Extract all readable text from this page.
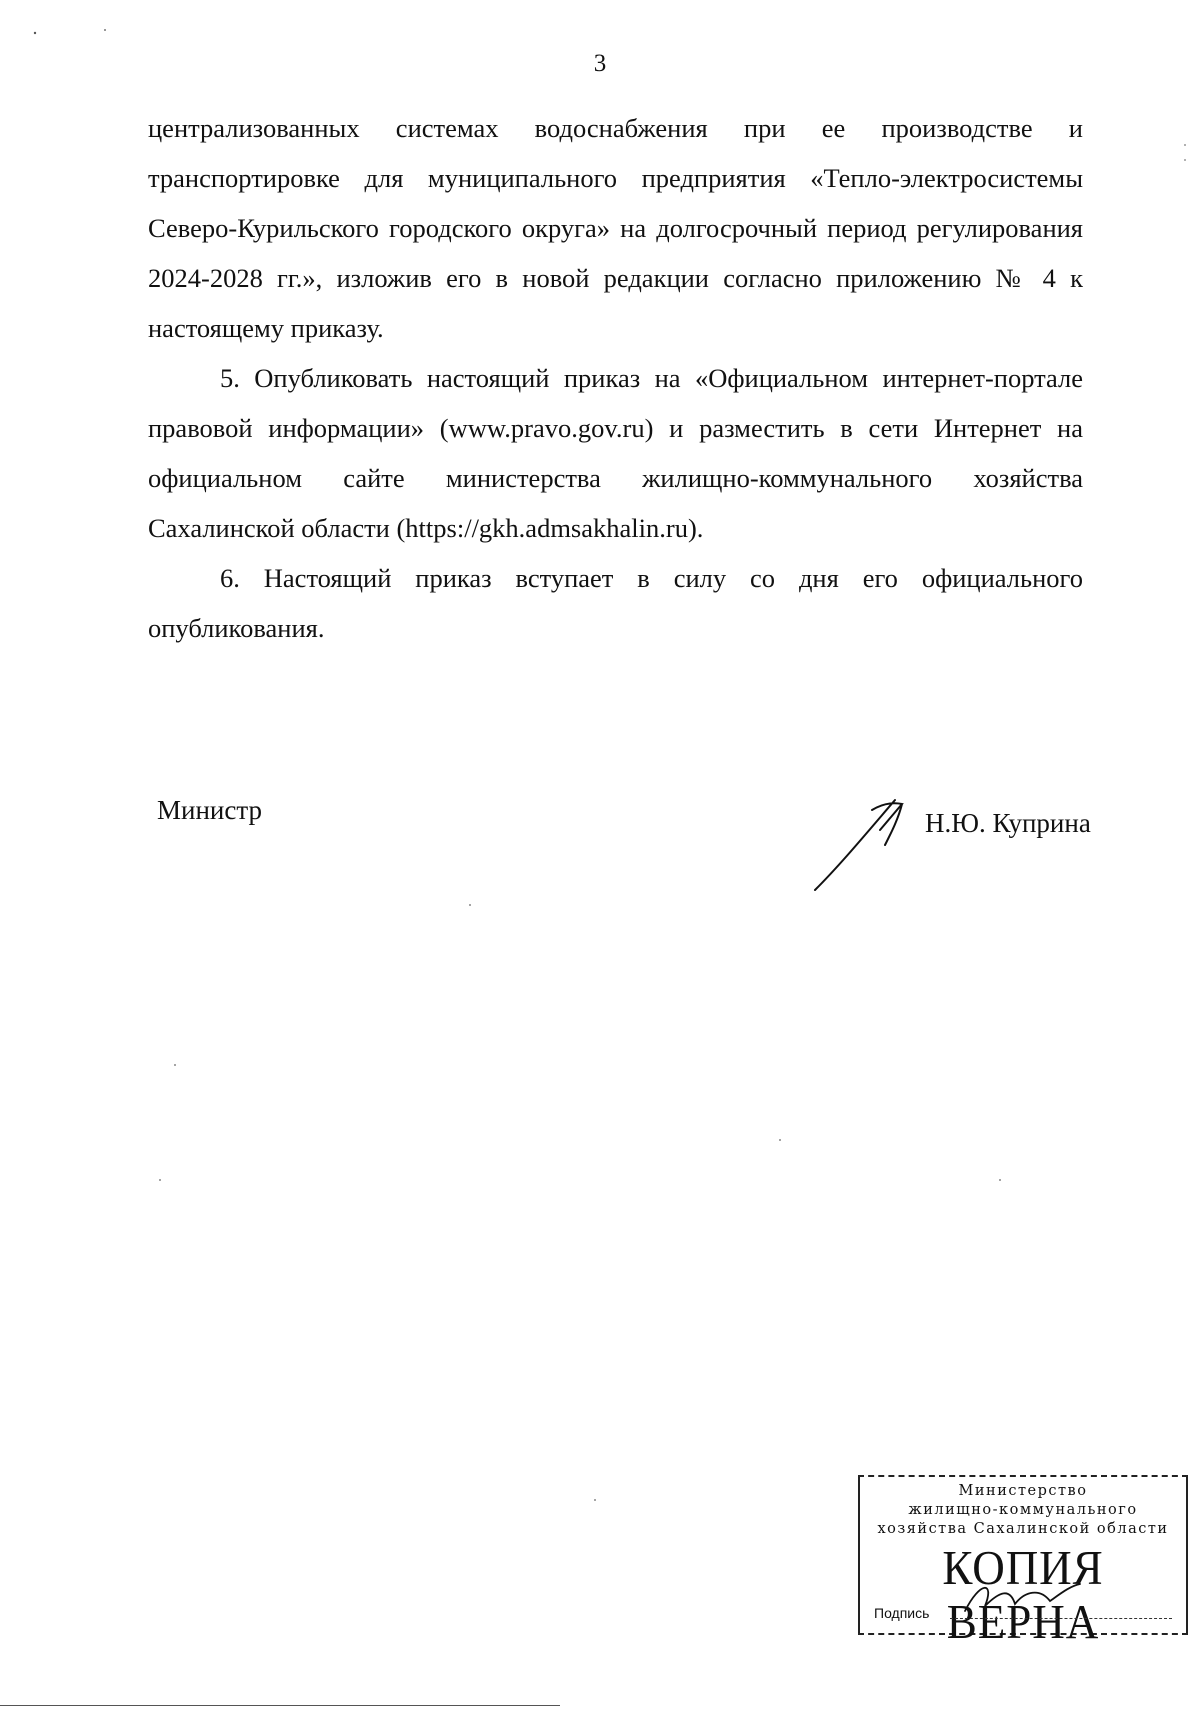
3

централизованных системах водоснабжения при ее производстве и транспортировке для муниципального предприятия «Тепло-электросистемы Северо-Курильского городского округа» на долгосрочный период регулирования 2024-2028 гг.», изложив его в новой редакции согласно приложению № 4 к настоящему приказу.

5. Опубликовать настоящий приказ на «Официальном интернет-портале правовой информации» (www.pravo.gov.ru) и разместить в сети Интернет на официальном сайте министерства жилищно-коммунального хозяйства Сахалинской области (https://gkh.admsakhalin.ru).

6. Настоящий приказ вступает в силу со дня его официального опубликования.

Министр	Н.Ю. Куприна
Министерство
жилищно-коммунального
хозяйства Сахалинской области
КОПИЯ ВЕРНА
Подпись
